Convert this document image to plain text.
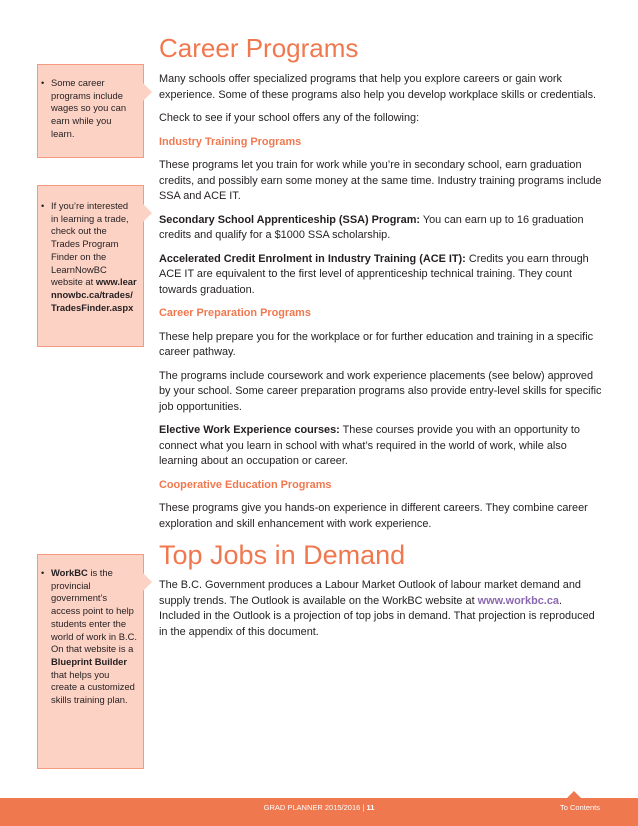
Career Programs

Many schools offer specialized programs that help you explore careers or gain work experience. Some of these programs also help you develop workplace skills or credentials.

Check to see if your school offers any of the following:

Industry Training Programs

These programs let you train for work while you’re in secondary school, earn graduation credits, and possibly earn some money at the same time. Industry training programs include SSA and ACE IT.

Secondary School Apprenticeship (SSA) Program: You can earn up to 16 graduation credits and qualify for a $1000 SSA scholarship.

Accelerated Credit Enrolment in Industry Training (ACE IT): Credits you earn through ACE IT are equivalent to the first level of apprenticeship technical training. They count towards graduation.

Career Preparation Programs

These help prepare you for the workplace or for further education and training in a specific career pathway.

The programs include coursework and work experience placements (see below) approved by your school. Some career preparation programs also provide entry-level skills for specific job opportunities.

Elective Work Experience courses: These courses provide you with an opportunity to connect what you learn in school with what’s required in the world of work, while also learning about an occupation or career.

Cooperative Education Programs

These programs give you hands-on experience in different careers. They combine career exploration and skill enhancement with work experience.

Top Jobs in Demand

The B.C. Government produces a Labour Market Outlook of labour market demand and supply trends. The Outlook is available on the WorkBC website at www.workbc.ca. Included in the Outlook is a projection of top jobs in demand. That projection is reproduced in the appendix of this document.

• Some career programs include wages so you can earn while you learn.
• If you’re interested in learning a trade, check out the Trades Program Finder on the LearnNowBC website at www.learnnowbc.ca/trades/TradesFinder.aspx
• WorkBC is the provincial government’s access point to help students enter the world of work in B.C. On that website is a Blueprint Builder that helps you create a customized skills training plan.
GRAD PLANNER 2015/2016 | 11	To Contents
